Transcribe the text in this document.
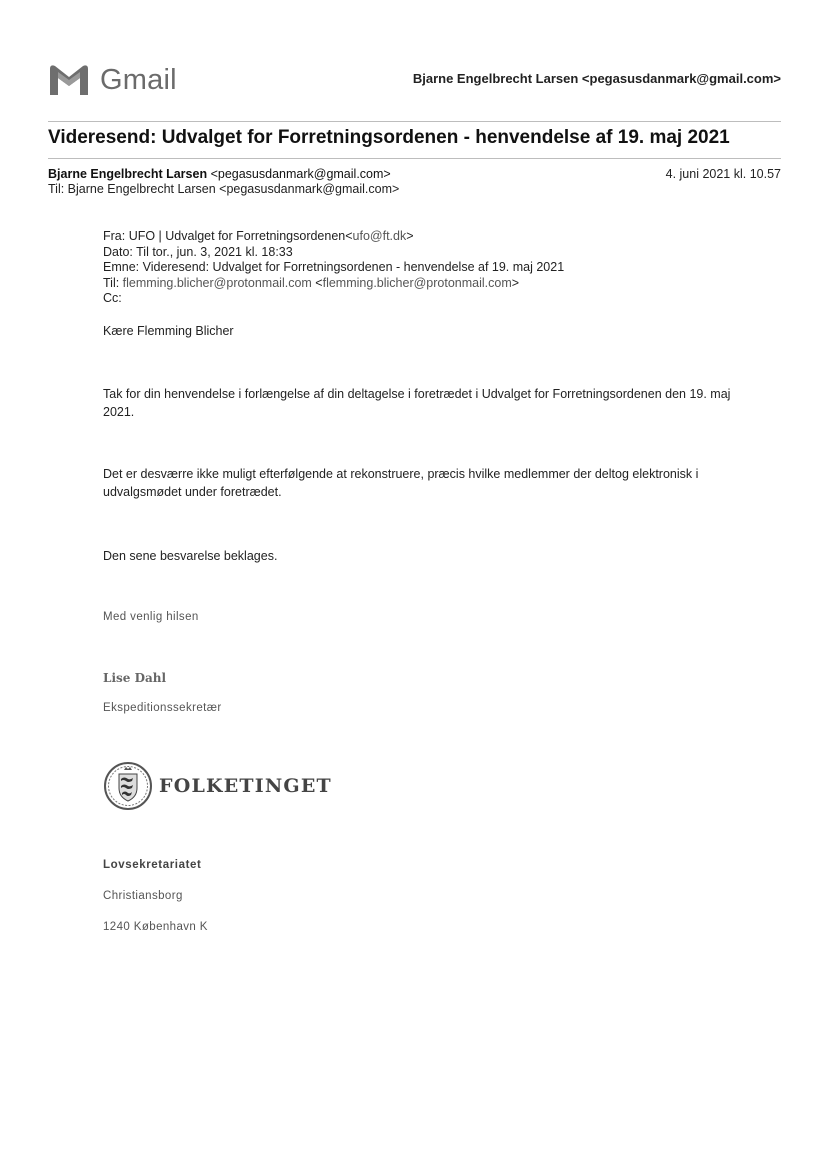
Gmail	Bjarne Engelbrecht Larsen <pegasusdanmark@gmail.com>
Videresend: Udvalget for Forretningsordenen - henvendelse af 19. maj 2021
Bjarne Engelbrecht Larsen <pegasusdanmark@gmail.com>
Til: Bjarne Engelbrecht Larsen <pegasusdanmark@gmail.com>
4. juni 2021 kl. 10.57
Fra: UFO | Udvalget for Forretningsordenen<ufo@ft.dk>
Dato: Til tor., jun. 3, 2021 kl. 18:33
Emne: Videresend: Udvalget for Forretningsordenen - henvendelse af 19. maj 2021
Til: flemming.blicher@protonmail.com <flemming.blicher@protonmail.com>
Cc:
Kære Flemming Blicher
Tak for din henvendelse i forlængelse af din deltagelse i foretrædet i Udvalget for Forretningsordenen den 19. maj 2021.
Det er desværre ikke muligt efterfølgende at rekonstruere, præcis hvilke medlemmer der deltog elektronisk i udvalgsmødet under foretrædet.
Den sene besvarelse beklages.
Med venlig hilsen
Lise Dahl
Ekspeditionssekretær
FOLKETINGET
Lovsekretariatet
Christiansborg
1240 København K
